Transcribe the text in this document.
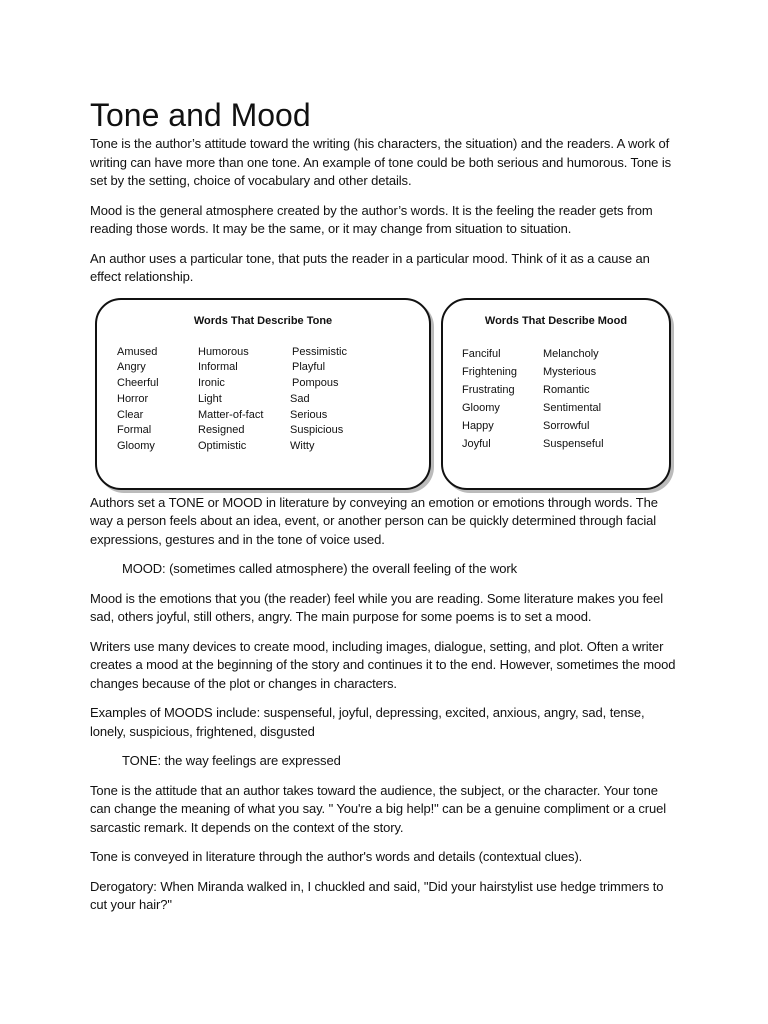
Tone and Mood

Tone is the author’s attitude toward the writing (his characters, the situation) and the readers. A work of writing can have more than one tone. An example of tone could be both serious and humorous. Tone is set by the setting, choice of vocabulary and other details.

Mood is the general atmosphere created by the author’s words. It is the feeling the reader gets from reading those words. It may be the same, or it may change from situation to situation.

An author uses a particular tone, that puts the reader in a particular mood. Think of it as a cause an effect relationship.

Words That Describe Tone
Amused
Angry
Cheerful
Horror
Clear
Formal
Gloomy
Humorous
Informal
Ironic
Light
Matter-of-fact
Resigned
Optimistic
Pessimistic
Playful
Pompous
Sad
Serious
Suspicious
Witty
Words That Describe Mood
Fanciful
Frightening
Frustrating
Gloomy
Happy
Joyful
Melancholy
Mysterious
Romantic
Sentimental
Sorrowful
Suspenseful

Authors set a TONE or MOOD in literature by conveying an emotion or emotions through words. The way a person feels about an idea, event, or another person can be quickly determined through facial expressions, gestures and in the tone of voice used.

MOOD: (sometimes called atmosphere) the overall feeling of the work

Mood is the emotions that you (the reader) feel while you are reading. Some literature makes you feel sad, others joyful, still others, angry. The main purpose for some poems is to set a mood.

Writers use many devices to create mood, including images, dialogue, setting, and plot. Often a writer creates a mood at the beginning of the story and continues it to the end. However, sometimes the mood changes because of the plot or changes in characters.

Examples of MOODS include: suspenseful, joyful, depressing, excited, anxious, angry, sad, tense, lonely, suspicious, frightened, disgusted

TONE: the way feelings are expressed

Tone is the attitude that an author takes toward the audience, the subject, or the character. Your tone can change the meaning of what you say. " You're a big help!" can be a genuine compliment or a cruel sarcastic remark. It depends on the context of the story.

Tone is conveyed in literature through the author's words and details (contextual clues).

Derogatory: When Miranda walked in, I chuckled and said, "Did your hairstylist use hedge trimmers to cut your hair?"
